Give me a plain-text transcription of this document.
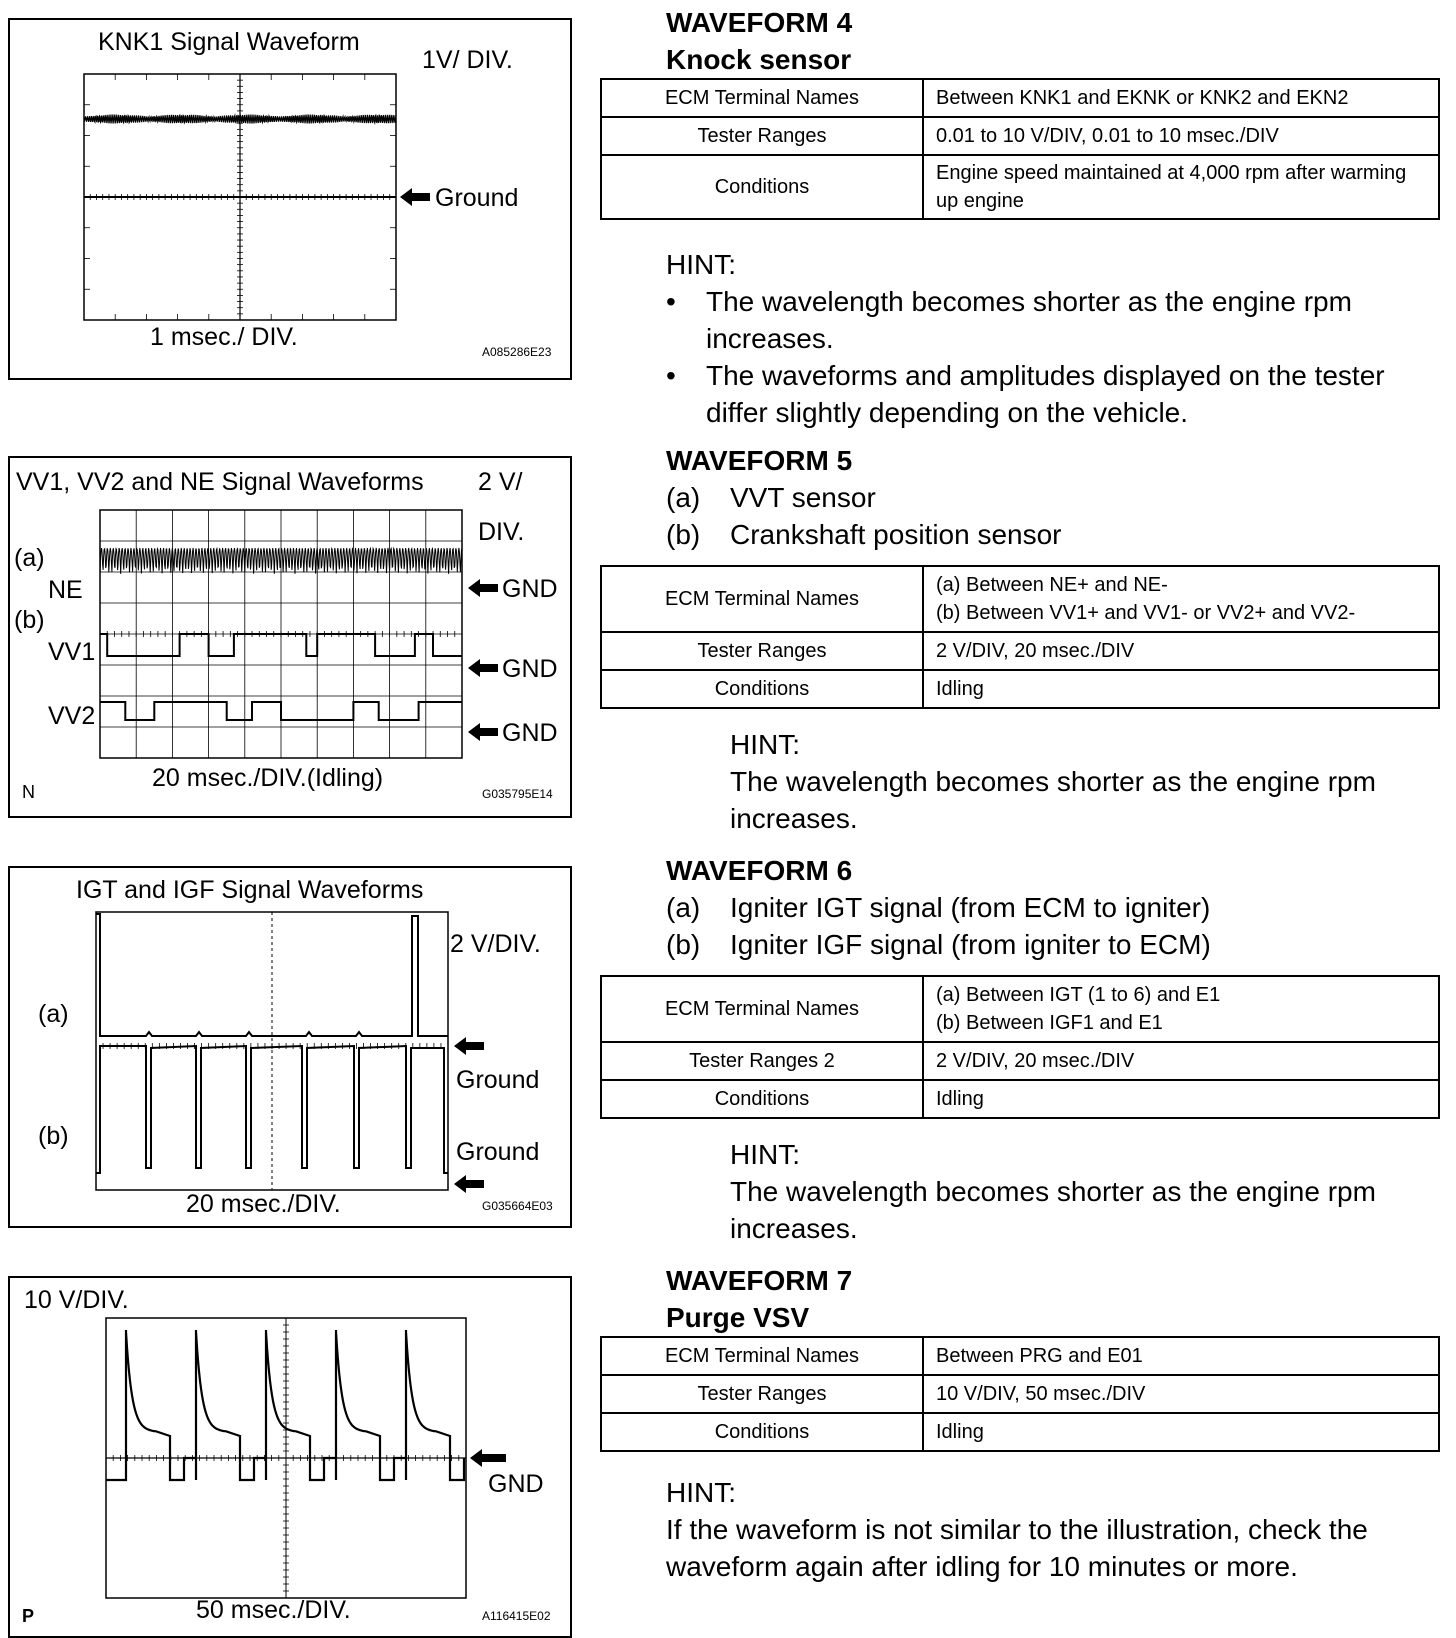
KNK1 Signal Waveform
1V/ DIV.
Ground
1 msec./ DIV.
A085286E23
VV1, VV2 and NE Signal Waveforms 2 V/
DIV.
(a)
NE
(b)
VV1
VV2
GND
GND
GND
20 msec./DIV.(Idling)
N	G035795E14
IGT and IGF Signal Waveforms
2 V/DIV.
(a)
(b)
Ground
Ground
20 msec./DIV.	G035664E03
10 V/DIV.
GND
50 msec./DIV.
P	A116415E02

WAVEFORM 4

Knock sensor

ECM Terminal Names	Between KNK1 and EKNK or KNK2 and EKN2
Tester Ranges	0.01 to 10 V/DIV, 0.01 to 10 msec./DIV
Conditions	Engine speed maintained at 4,000 rpm after warming up engine
HINT:
• The wavelength becomes shorter as the engine rpm increases.
• The waveforms and amplitudes displayed on the tester differ slightly depending on the vehicle.

WAVEFORM 5

(a) VVT sensor
(b) Crankshaft position sensor
ECM Terminal Names	(a) Between NE+ and NE-
(b) Between VV1+ and VV1- or VV2+ and VV2-

Tester Ranges	2 V/DIV, 20 msec./DIV
Conditions	Idling
HINT:
The wavelength becomes shorter as the engine rpm increases.

WAVEFORM 6

(a) Igniter IGT signal (from ECM to igniter)
(b) Igniter IGF signal (from igniter to ECM)
ECM Terminal Names	(a) Between IGT (1 to 6) and E1
(b) Between IGF1 and E1

Tester Ranges 2	2 V/DIV, 20 msec./DIV
Conditions	Idling
HINT:
The wavelength becomes shorter as the engine rpm increases.

WAVEFORM 7

Purge VSV

ECM Terminal Names	Between PRG and E01
Tester Ranges	10 V/DIV, 50 msec./DIV
Conditions	Idling
HINT:
If the waveform is not similar to the illustration, check the waveform again after idling for 10 minutes or more.
